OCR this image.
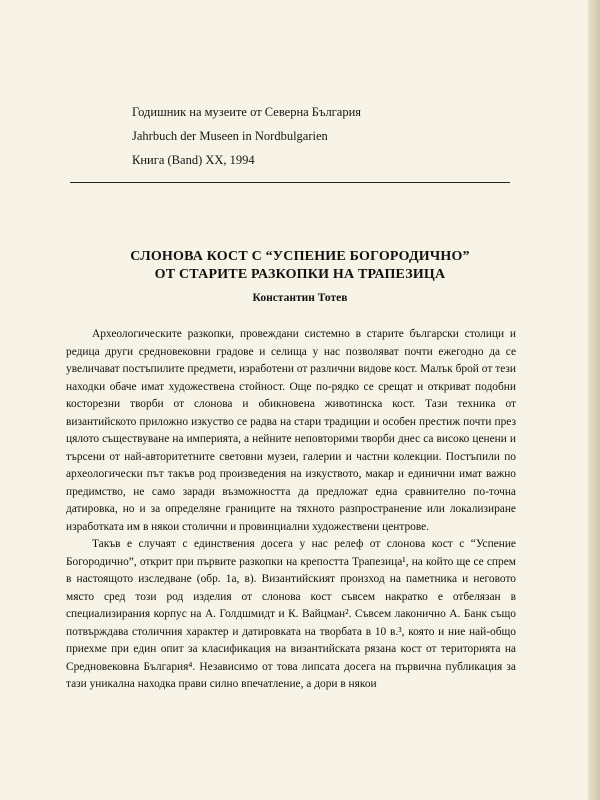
Годишник на музеите от Северна България
Jahrbuch der Museen in Nordbulgarien
Книга (Band) XX, 1994
СЛОНОВА КОСТ С “УСПЕНИЕ БОГОРОДИЧНО”
ОТ СТАРИТЕ РАЗКОПКИ НА ТРАПЕЗИЦА
Константин Тотев

Археологическите разкопки, провеждани системно в старите български столици и редица други средновековни градове и селища у нас позволяват почти ежегодно да се увеличават постъпилите предмети, изработени от различни видове кост. Малък брой от тези находки обаче имат художествена стойност. Още по-рядко се срещат и откриват подобни косторезни творби от слонова и обикновена животинска кост. Тази техника от византийското приложно изкуство се радва на стари традиции и особен престиж почти през цялото съществуване на империята, а нейните неповторими творби днес са високо ценени и търсени от най-авторитетните световни музеи, галерии и частни колекции. Постъпили по археологически път такъв род произведения на изкуството, макар и единични имат важно предимство, не само заради възможността да предлoжат една сравнително по-точна датировка, но и за определяне границите на тяхното разпространение или локализиране изработката им в някои столични и провинциални художествени центрове.

Такъв е случаят с единствения досега у нас релеф от слонова кост с “Успение Богородично”, открит при първите разкопки на крепостта Трапезица¹, на който ще се спрем в настоящото изследване (обр. 1а, в). Византийският произход на паметника и неговото място сред този род изделия от слонова кост съвсем накратко е отбелязан в специализирания корпус на А. Голдшмидт и К. Вайцман². Съвсем лаконично А. Банк също потвърждава столичния характер и датировката на творбата в 10 в.³, която и ние най-общо приехме при един опит за класификация на византийската рязана кост от територията на Средновековна България⁴. Независимо от това липсата досега на първична публикация за тази уникална находка прави силно впечатление, а дори в някои
